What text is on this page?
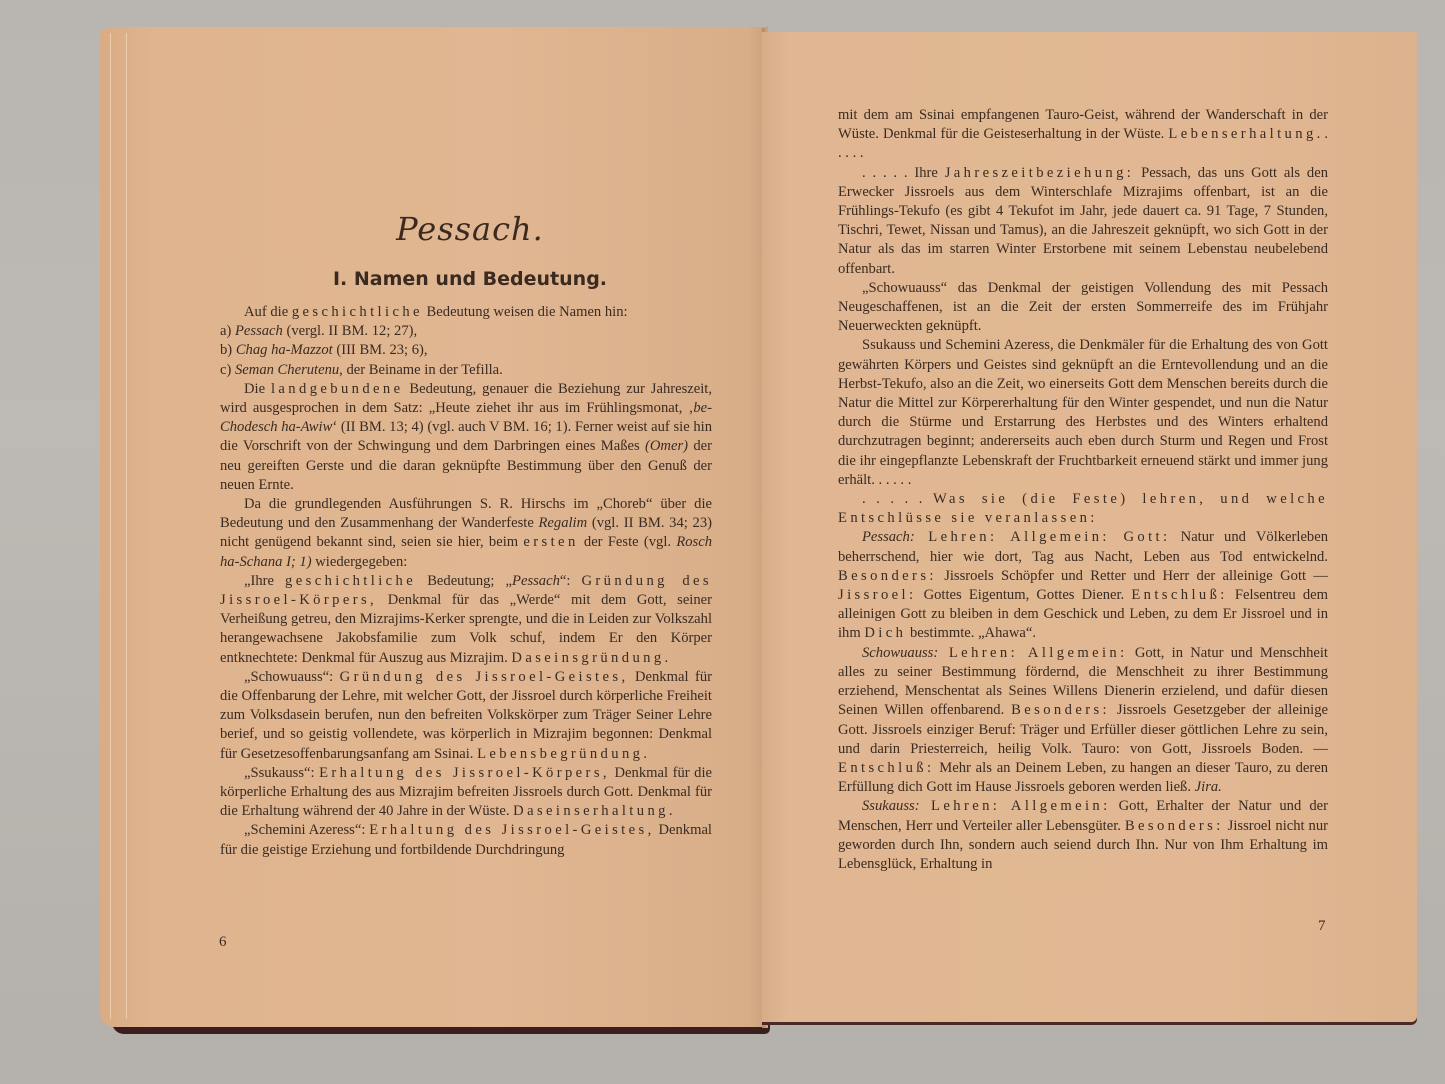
Pessach.
I. Namen und Bedeutung.

Auf die geschichtliche Bedeutung weisen die Namen hin:

a) Pessach (vergl. II BM. 12; 27),

b) Chag ha-Mazzot (III BM. 23; 6),

c) Seman Cherutenu, der Beiname in der Tefilla.

Die landgebundene Bedeutung, genauer die Beziehung zur Jahreszeit, wird ausgesprochen in dem Satz: „Heute ziehet ihr aus im Frühlingsmonat, ‚be-Chodesch ha-Awiw‘ (II BM. 13; 4) (vgl. auch V BM. 16; 1). Ferner weist auf sie hin die Vorschrift von der Schwingung und dem Darbringen eines Maßes (Omer) der neu gereiften Gerste und die daran geknüpfte Bestimmung über den Genuß der neuen Ernte.

Da die grundlegenden Ausführungen S. R. Hirschs im „Choreb“ über die Bedeutung und den Zusammenhang der Wanderfeste Regalim (vgl. II BM. 34; 23) nicht genügend bekannt sind, seien sie hier, beim ersten der Feste (vgl. Rosch ha-Schana I; 1) wiedergegeben:

„Ihre geschichtliche Bedeutung; „Pessach“: Gründung des Jissroel-Körpers, Denkmal für das „Werde“ mit dem Gott, seiner Verheißung getreu, den Mizrajims-Kerker sprengte, und die in Leiden zur Volkszahl herangewachsene Jakobsfamilie zum Volk schuf, indem Er den Körper entknechtete: Denkmal für Auszug aus Mizrajim. Daseinsgründung.

„Schowuauss“: Gründung des Jissroel-Geistes, Denkmal für die Offenbarung der Lehre, mit welcher Gott, der Jissroel durch körperliche Freiheit zum Volksdasein berufen, nun den befreiten Volkskörper zum Träger Seiner Lehre berief, und so geistig vollendete, was körperlich in Mizrajim begonnen: Denkmal für Gesetzesoffenbarungsanfang am Ssinai. Lebensbegründung.

„Ssukauss“: Erhaltung des Jissroel-Körpers, Denkmal für die körperliche Erhaltung des aus Mizrajim befreiten Jissroels durch Gott. Denkmal für die Erhaltung während der 40 Jahre in der Wüste. Daseinserhaltung.

„Schemini Azeress“: Erhaltung des Jissroel-Geistes, Denkmal für die geistige Erziehung und fortbildende Durchdringung

6

mit dem am Ssinai empfangenen Tauro-Geist, während der Wanderschaft in der Wüste. Denkmal für die Geisteserhaltung in der Wüste. Lebenserhaltung. . . . . .

. . . . . Ihre Jahreszeitbeziehung: Pessach, das uns Gott als den Erwecker Jissroels aus dem Winterschlafe Mizrajims offenbart, ist an die Frühlings-Tekufo (es gibt 4 Tekufot im Jahr, jede dauert ca. 91 Tage, 7 Stunden, Tischri, Tewet, Nissan und Tamus), an die Jahreszeit geknüpft, wo sich Gott in der Natur als das im starren Winter Erstorbene mit seinem Lebenstau neubelebend offenbart.

„Schowuauss“ das Denkmal der geistigen Vollendung des mit Pessach Neugeschaffenen, ist an die Zeit der ersten Sommerreife des im Frühjahr Neuerweckten geknüpft.

Ssukauss und Schemini Azeress, die Denkmäler für die Erhaltung des von Gott gewährten Körpers und Geistes sind geknüpft an die Erntevollendung und an die Herbst-Tekufo, also an die Zeit, wo einerseits Gott dem Menschen bereits durch die Natur die Mittel zur Körpererhaltung für den Winter gespendet, und nun die Natur durch die Stürme und Erstarrung des Herbstes und des Winters erhaltend durchzutragen beginnt; andererseits auch eben durch Sturm und Regen und Frost die ihr eingepflanzte Lebenskraft der Fruchtbarkeit erneuend stärkt und immer jung erhält. . . . . .

. . . . . Was sie (die Feste) lehren, und welche Entschlüsse sie veranlassen:

Pessach: Lehren: Allgemein: Gott: Natur und Völkerleben beherrschend, hier wie dort, Tag aus Nacht, Leben aus Tod entwickelnd. Besonders: Jissroels Schöpfer und Retter und Herr der alleinige Gott — Jissroel: Gottes Eigentum, Gottes Diener. Entschluß: Felsentreu dem alleinigen Gott zu bleiben in dem Geschick und Leben, zu dem Er Jissroel und in ihm Dich bestimmte. „Ahawa“.

Schowuauss: Lehren: Allgemein: Gott, in Natur und Menschheit alles zu seiner Bestimmung fördernd, die Menschheit zu ihrer Bestimmung erziehend, Menschentat als Seines Willens Dienerin erzielend, und dafür diesen Seinen Willen offenbarend. Besonders: Jissroels Gesetzgeber der alleinige Gott. Jissroels einziger Beruf: Träger und Erfüller dieser göttlichen Lehre zu sein, und darin Priesterreich, heilig Volk. Tauro: von Gott, Jissroels Boden. — Entschluß: Mehr als an Deinem Leben, zu hangen an dieser Tauro, zu deren Erfüllung dich Gott im Hause Jissroels geboren werden ließ. Jira.

Ssukauss: Lehren: Allgemein: Gott, Erhalter der Natur und der Menschen, Herr und Verteiler aller Lebensgüter. Besonders: Jissroel nicht nur geworden durch Ihn, sondern auch seiend durch Ihn. Nur von Ihm Erhaltung im Lebensglück, Erhaltung in

7
